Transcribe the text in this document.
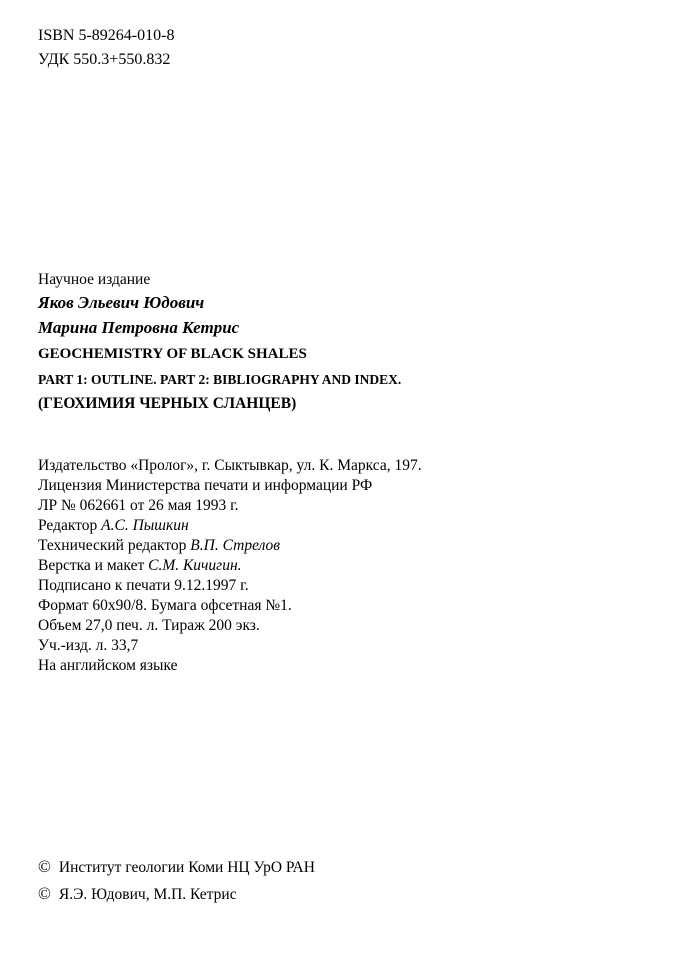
ISBN 5-89264-010-8
УДК 550.3+550.832
Научное издание
Яков Эльевич Юдович
Марина Петровна Кетрис
GEOCHEMISTRY OF BLACK SHALES
PART 1: OUTLINE. PART 2: BIBLIOGRAPHY AND INDEX.
(ГЕОХИМИЯ ЧЕРНЫХ СЛАНЦЕВ)
Издательство «Пролог», г. Сыктывкар, ул. К. Маркса, 197.
Лицензия Министерства печати и информации РФ
ЛР № 062661 от 26 мая 1993 г.
Редактор А.С. Пышкин
Технический редактор В.П. Стрелов
Верстка и макет С.М. Кичигин.
Подписано к печати 9.12.1997 г.
Формат 60х90/8. Бумага офсетная №1.
Объем 27,0 печ. л. Тираж 200 экз.
Уч.-изд. л. 33,7
На английском языке
© Институт геологии Коми НЦ УрО РАН
© Я.Э. Юдович, М.П. Кетрис
